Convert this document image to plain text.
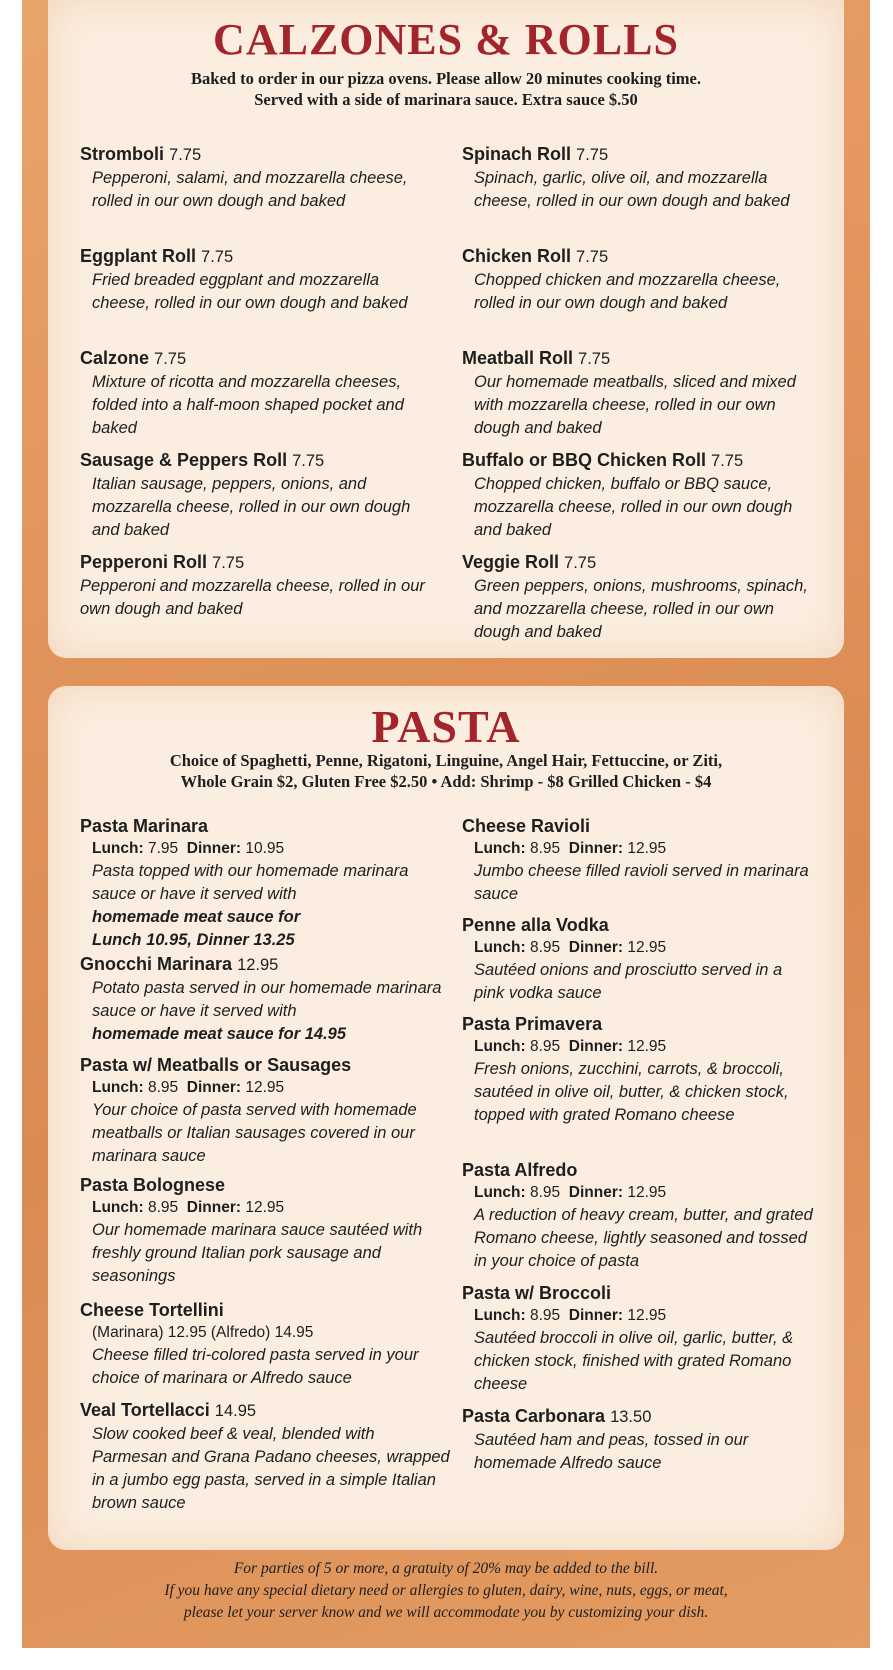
CALZONES & ROLLS
Baked to order in our pizza ovens. Please allow 20 minutes cooking time.
Served with a side of marinara sauce. Extra sauce $.50
Stromboli 7.75
Pepperoni, salami, and mozzarella cheese, rolled in our own dough and baked
Eggplant Roll 7.75
Fried breaded eggplant and mozzarella cheese, rolled in our own dough and baked
Calzone 7.75
Mixture of ricotta and mozzarella cheeses, folded into a half-moon shaped pocket and baked
Sausage & Peppers Roll 7.75
Italian sausage, peppers, onions, and mozzarella cheese, rolled in our own dough and baked
Pepperoni Roll 7.75
Pepperoni and mozzarella cheese, rolled in our own dough and baked
Spinach Roll 7.75
Spinach, garlic, olive oil, and mozzarella cheese, rolled in our own dough and baked
Chicken Roll 7.75
Chopped chicken and mozzarella cheese, rolled in our own dough and baked
Meatball Roll 7.75
Our homemade meatballs, sliced and mixed with mozzarella cheese, rolled in our own dough and baked
Buffalo or BBQ Chicken Roll 7.75
Chopped chicken, buffalo or BBQ sauce, mozzarella cheese, rolled in our own dough and baked
Veggie Roll 7.75
Green peppers, onions, mushrooms, spinach, and mozzarella cheese, rolled in our own dough and baked
PASTA
Choice of Spaghetti, Penne, Rigatoni, Linguine, Angel Hair, Fettuccine, or Ziti,
Whole Grain $2, Gluten Free $2.50 • Add: Shrimp - $8 Grilled Chicken - $4
Pasta Marinara
Lunch: 7.95 Dinner: 10.95
Pasta topped with our homemade marinara sauce or have it served with
homemade meat sauce for
Lunch 10.95, Dinner 13.25
Gnocchi Marinara 12.95
Potato pasta served in our homemade marinara sauce or have it served with
homemade meat sauce for 14.95
Pasta w/ Meatballs or Sausages
Lunch: 8.95 Dinner: 12.95
Your choice of pasta served with homemade meatballs or Italian sausages covered in our marinara sauce
Pasta Bolognese
Lunch: 8.95 Dinner: 12.95
Our homemade marinara sauce sautéed with freshly ground Italian pork sausage and seasonings
Cheese Tortellini
(Marinara) 12.95 (Alfredo) 14.95
Cheese filled tri-colored pasta served in your choice of marinara or Alfredo sauce
Veal Tortellacci 14.95
Slow cooked beef & veal, blended with Parmesan and Grana Padano cheeses, wrapped in a jumbo egg pasta, served in a simple Italian brown sauce
Cheese Ravioli
Lunch: 8.95 Dinner: 12.95
Jumbo cheese filled ravioli served in marinara sauce
Penne alla Vodka
Lunch: 8.95 Dinner: 12.95
Sautéed onions and prosciutto served in a pink vodka sauce
Pasta Primavera
Lunch: 8.95 Dinner: 12.95
Fresh onions, zucchini, carrots, & broccoli, sautéed in olive oil, butter, & chicken stock, topped with grated Romano cheese
Pasta Alfredo
Lunch: 8.95 Dinner: 12.95
A reduction of heavy cream, butter, and grated Romano cheese, lightly seasoned and tossed in your choice of pasta
Pasta w/ Broccoli
Lunch: 8.95 Dinner: 12.95
Sautéed broccoli in olive oil, garlic, butter, & chicken stock, finished with grated Romano cheese
Pasta Carbonara 13.50
Sautéed ham and peas, tossed in our homemade Alfredo sauce
For parties of 5 or more, a gratuity of 20% may be added to the bill.
If you have any special dietary need or allergies to gluten, dairy, wine, nuts, eggs, or meat,
please let your server know and we will accommodate you by customizing your dish.
